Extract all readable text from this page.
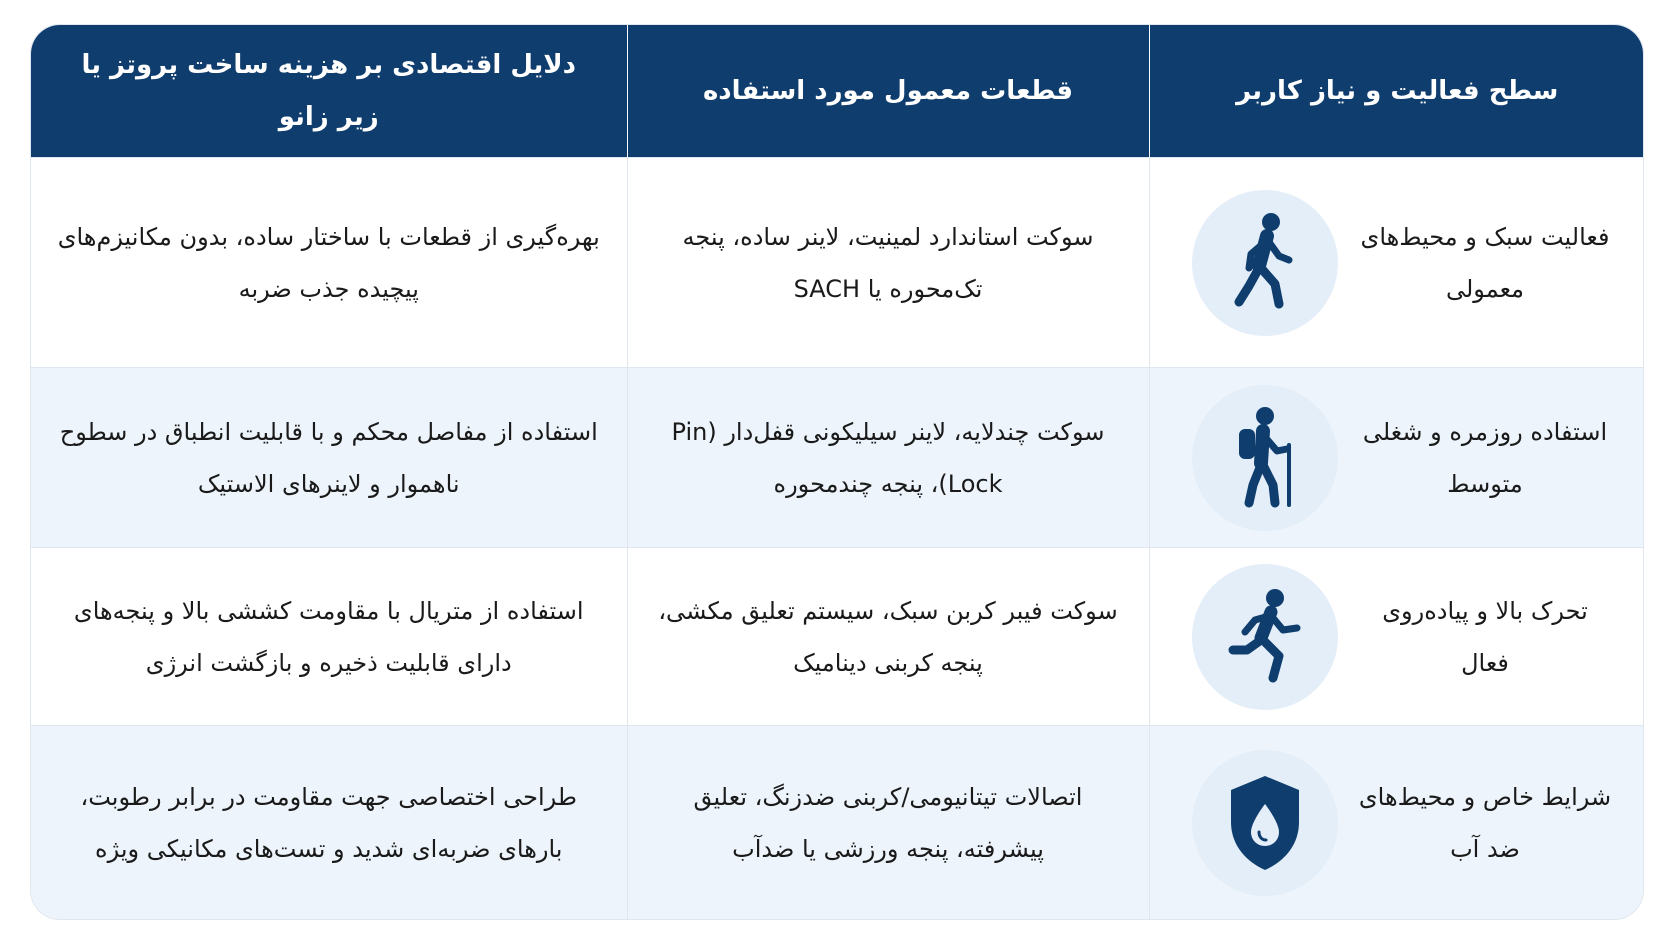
سطح فعالیت و نیاز کاربر	قطعات معمول مورد استفاده	دلایل اقتصادی بر هزینه ساخت پروتز یا زیر زانو

فعالیت سبک و محیط‌های معمولی	سوکت استاندارد لمینیت، لاینر ساده، پنجه تک‌محوره یا SACH	بهره‌گیری از قطعات با ساختار ساده، بدون مکانیزم‌های پیچیده جذب ضربه

استفاده روزمره و شغلی متوسط	سوکت چندلایه، لاینر سیلیکونی قفل‌دار (Pin Lock)، پنجه چندمحوره	استفاده از مفاصل محکم و با قابلیت انطباق در سطوح ناهموار و لاینرهای الاستیک

تحرک بالا و پیاده‌روی فعال	سوکت فیبر کربن سبک، سیستم تعلیق مکشی، پنجه کربنی دینامیک	استفاده از متریال با مقاومت کششی بالا و پنجه‌های دارای قابلیت ذخیره و بازگشت انرژی

شرایط خاص و محیط‌های ضد آب	اتصالات تیتانیومی/کربنی ضدزنگ، تعلیق پیشرفته، پنجه ورزشی یا ضدآب	طراحی اختصاصی جهت مقاومت در برابر رطوبت، بارهای ضربه‌ای شدید و تست‌های مکانیکی ویژه
